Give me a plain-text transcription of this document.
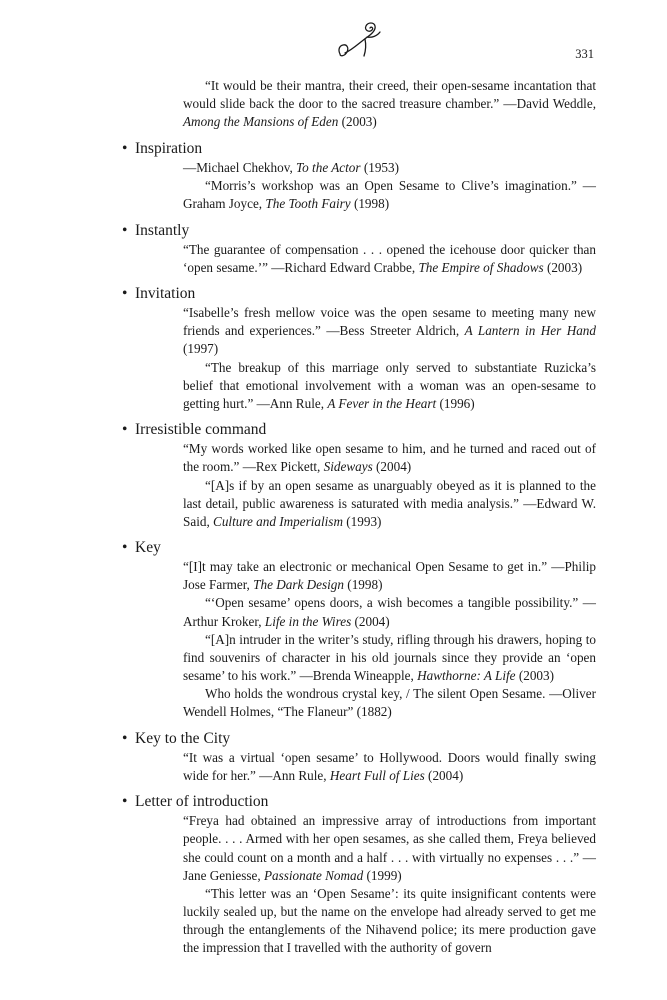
331

“It would be their mantra, their creed, their open-sesame incantation that would slide back the door to the sacred treasure chamber.” —David Weddle, Among the Mansions of Eden (2003)

• Inspiration

—Michael Chekhov, To the Actor (1953)

“Morris’s workshop was an Open Sesame to Clive’s imagination.” —Graham Joyce, The Tooth Fairy (1998)

• Instantly

“The guarantee of compensation . . . opened the icehouse door quicker than ‘open sesame.’” —Richard Edward Crabbe, The Empire of Shadows (2003)

• Invitation

“Isabelle’s fresh mellow voice was the open sesame to meeting many new friends and experiences.” —Bess Streeter Aldrich, A Lantern in Her Hand (1997)

“The breakup of this marriage only served to substantiate Ruzicka’s belief that emotional involvement with a woman was an open-sesame to getting hurt.” —Ann Rule, A Fever in the Heart (1996)

• Irresistible command

“My words worked like open sesame to him, and he turned and raced out of the room.” —Rex Pickett, Sideways (2004)

“[A]s if by an open sesame as unarguably obeyed as it is planned to the last detail, public awareness is saturated with media analysis.” —Edward W. Said, Culture and Imperialism (1993)

• Key

“[I]t may take an electronic or mechanical Open Sesame to get in.” —Philip Jose Farmer, The Dark Design (1998)

“‘Open sesame’ opens doors, a wish becomes a tangible possibility.” —Arthur Kroker, Life in the Wires (2004)

“[A]n intruder in the writer’s study, rifling through his drawers, hoping to find souvenirs of character in his old journals since they provide an ‘open sesame’ to his work.” —Brenda Wineapple, Hawthorne: A Life (2003)

Who holds the wondrous crystal key, / The silent Open Sesame. —Oliver Wendell Holmes, “The Flaneur” (1882)

• Key to the City

“It was a virtual ‘open sesame’ to Hollywood. Doors would finally swing wide for her.” —Ann Rule, Heart Full of Lies (2004)

• Letter of introduction

“Freya had obtained an impressive array of introductions from important people. . . . Armed with her open sesames, as she called them, Freya believed she could count on a month and a half . . . with virtually no expenses . . .” —Jane Geniesse, Passionate Nomad (1999)

“This letter was an ‘Open Sesame’: its quite insignificant contents were luckily sealed up, but the name on the envelope had already served to get me through the entanglements of the Nihavend police; its mere production gave the impression that I travelled with the authority of govern
